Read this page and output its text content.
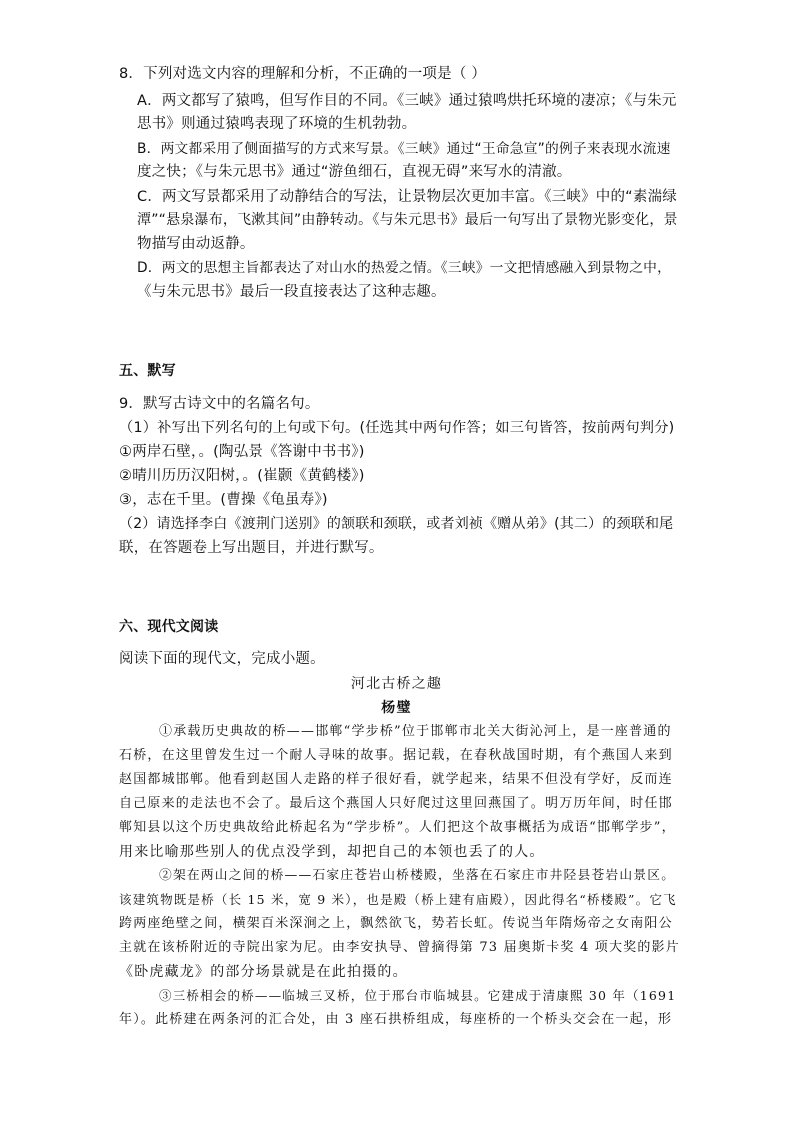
8．下列对选文内容的理解和分析，不正确的一项是（ ）
A．两文都写了猿鸣，但写作目的不同。《三峡》通过猿鸣烘托环境的凄凉；《与朱元
思书》则通过猿鸣表现了环境的生机勃勃。
B．两文都采用了侧面描写的方式来写景。《三峡》通过“王命急宣”的例子来表现水流速
度之快；《与朱元思书》通过“游鱼细石，直视无碍”来写水的清澈。
C．两文写景都采用了动静结合的写法，让景物层次更加丰富。《三峡》中的“素湍绿
潭”“悬泉瀑布，飞漱其间”由静转动。《与朱元思书》最后一句写出了景物光影变化，景
物描写由动返静。
D．两文的思想主旨都表达了对山水的热爱之情。《三峡》一文把情感融入到景物之中，
《与朱元思书》最后一段直接表达了这种志趣。
五、默写
9．默写古诗文中的名篇名句。
（1）补写出下列名句的上句或下句。(任选其中两句作答；如三句皆答，按前两句判分)
①两岸石壁，。(陶弘景《答谢中书书》)
②晴川历历汉阳树，。(崔颢《黄鹤楼》)
③，志在千里。(曹操《龟虽寿》)
（2）请选择李白《渡荆门送别》的颔联和颈联，或者刘祯《赠从弟》(其二）的颈联和尾
联，在答题卷上写出题目，并进行默写。
六、现代文阅读
阅读下面的现代文，完成小题。
河北古桥之趣
杨璧
①承载历史典故的桥——邯郸“学步桥”位于邯郸市北关大街沁河上，是一座普通的
石桥，在这里曾发生过一个耐人寻味的故事。据记载，在春秋战国时期，有个燕国人来到
赵国都城邯郸。他看到赵国人走路的样子很好看，就学起来，结果不但没有学好，反而连
自己原来的走法也不会了。最后这个燕国人只好爬过这里回燕国了。明万历年间，时任邯
郸知县以这个历史典故给此桥起名为“学步桥”。人们把这个故事概括为成语“邯郸学步”，
用来比喻那些别人的优点没学到，却把自己的本领也丢了的人。
②架在两山之间的桥——石家庄苍岩山桥楼殿，坐落在石家庄市井陉县苍岩山景区。
该建筑物既是桥（长 15 米，宽 9 米），也是殿（桥上建有庙殿），因此得名“桥楼殿”。它飞
跨两座绝壁之间，横架百米深涧之上，飘然欲飞，势若长虹。传说当年隋炀帝之女南阳公
主就在该桥附近的寺院出家为尼。由李安执导、曾摘得第 73 届奥斯卡奖 4 项大奖的影片
《卧虎藏龙》的部分场景就是在此拍摄的。
③三桥相会的桥——临城三叉桥，位于邢台市临城县。它建成于清康熙 30 年（1691
年）。此桥建在两条河的汇合处，由 3 座石拱桥组成，每座桥的一个桥头交会在一起，形
